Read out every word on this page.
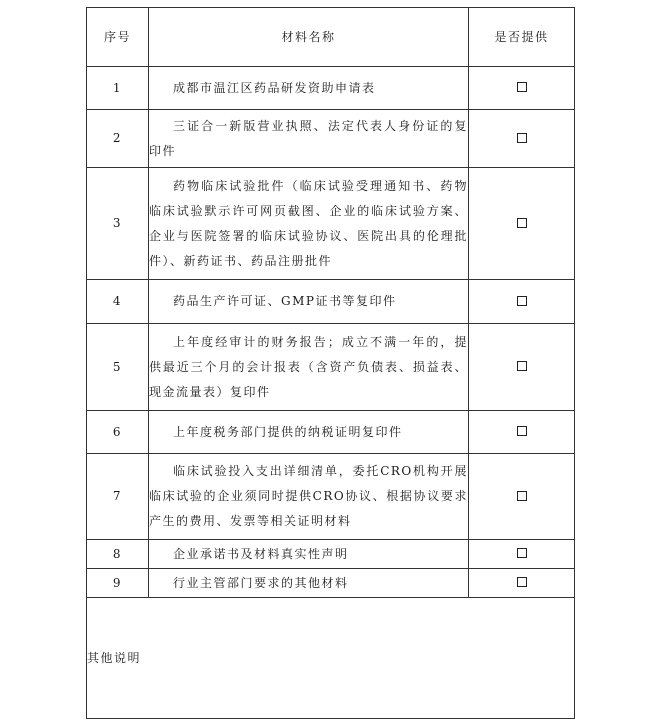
序号	材料名称	是否提供
1	成都市温江区药品研发资助申请表	

2	三证合一新版营业执照、法定代表人身份证的复印件	

3	药物临床试验批件（临床试验受理通知书、药物临床试验默示许可网页截图、企业的临床试验方案、企业与医院签署的临床试验协议、医院出具的伦理批件）、新药证书、药品注册批件	

4	药品生产许可证、GMP证书等复印件	

5	上年度经审计的财务报告；成立不满一年的，提供最近三个月的会计报表（含资产负债表、损益表、现金流量表）复印件	

6	上年度税务部门提供的纳税证明复印件	

7	临床试验投入支出详细清单，委托CRO机构开展临床试验的企业须同时提供CRO协议、根据协议要求产生的费用、发票等相关证明材料	

8	企业承诺书及材料真实性声明	

9	行业主管部门要求的其他材料	

其他说明		
